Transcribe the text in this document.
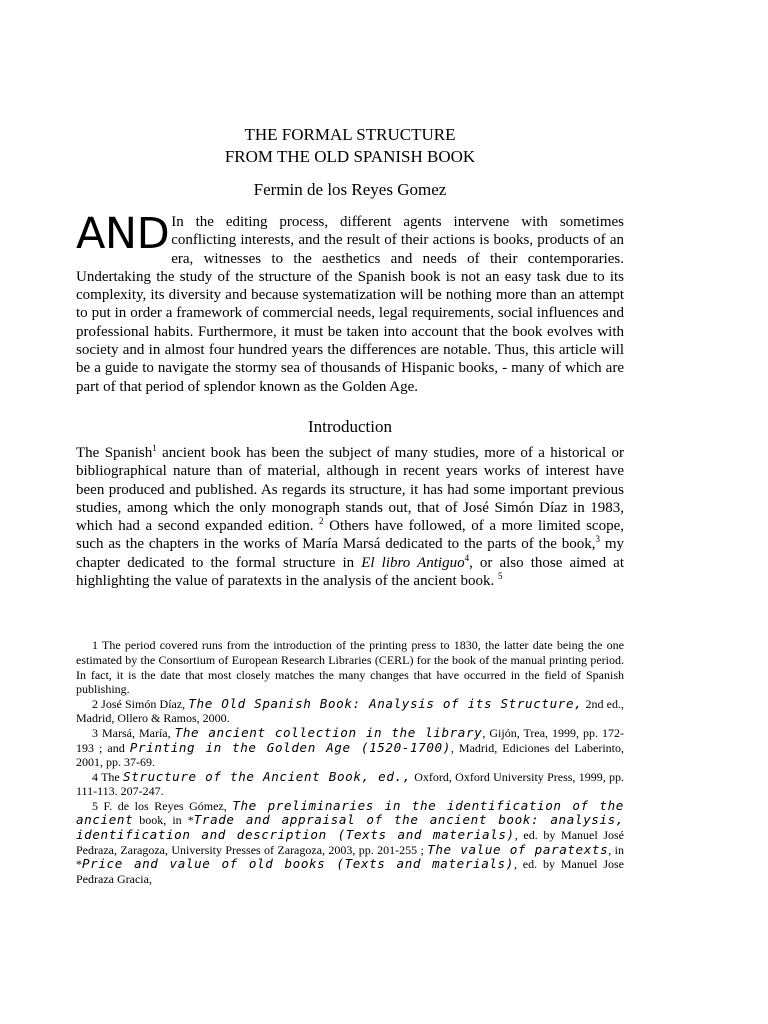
THE FORMAL STRUCTURE
FROM THE OLD SPANISH BOOK

Fermin de los Reyes Gomez

AND In the editing process, different agents intervene with sometimes conflicting interests, and the result of their actions is books, products of an era, witnesses to the aesthetics and needs of their contemporaries. Undertaking the study of the structure of the Spanish book is not an easy task due to its complexity, its diversity and because systematization will be nothing more than an attempt to put in order a framework of commercial needs, legal requirements, social influences and professional habits. Furthermore, it must be taken into account that the book evolves with society and in almost four hundred years the differences are notable. Thus, this article will be a guide to navigate the stormy sea of thousands of Hispanic books, - many of which are part of that period of splendor known as the Golden Age.

Introduction

The Spanish$^1$ ancient book has been the subject of many studies, more of a historical or bibliographical nature than of material, although in recent years works of interest have been produced and published. As regards its structure, it has had some important previous studies, among which the only monograph stands out, that of José Simón Díaz in 1983, which had a second expanded edition. $^2$ Others have followed, of a more limited scope, such as the chapters in the works of María Marsá dedicated to the parts of the book,$^3$ my chapter dedicated to the formal structure in El libro Antiguo$^4$, or also those aimed at highlighting the value of paratexts in the analysis of the ancient book. $^5$

1 The period covered runs from the introduction of the printing press to 1830, the latter date being the one estimated by the Consortium of European Research Libraries (CERL) for the book of the manual printing period. In fact, it is the date that most closely matches the many changes that have occurred in the field of Spanish publishing.

2 José Simón Díaz, The Old Spanish Book: Analysis of its Structure, 2nd ed., Madrid, Ollero & Ramos, 2000.

3 Marsá, María, The ancient collection in the library, Gijón, Trea, 1999, pp. 172-193 ; and Printing in the Golden Age (1520-1700), Madrid, Ediciones del Laberinto, 2001, pp. 37-69.

4 The Structure of the Ancient Book, ed., Oxford, Oxford University Press, 1999, pp. 111-113. 207-247.

5 F. de los Reyes Gómez, The preliminaries in the identification of the ancient book, in *Trade and appraisal of the ancient book: analysis, identification and description (Texts and materials), ed. by Manuel José Pedraza, Zaragoza, University Presses of Zaragoza, 2003, pp. 201-255 ; The value of paratexts, in *Price and value of old books (Texts and materials), ed. by Manuel Jose Pedraza Gracia,
